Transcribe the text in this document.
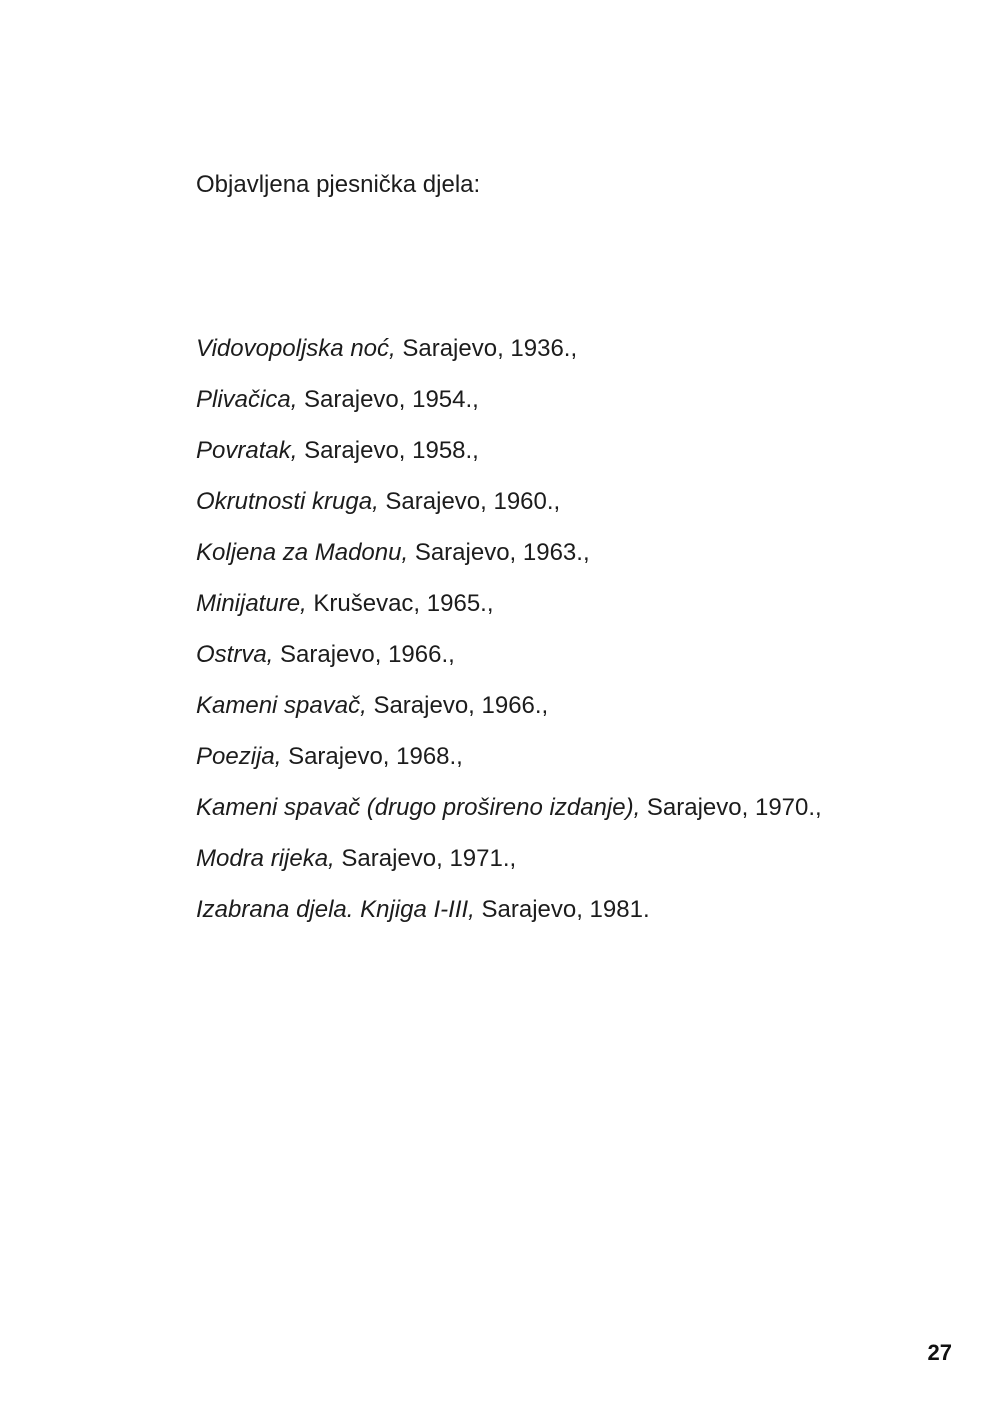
Objavljena pjesnička djela:
Vidovopoljska noć, Sarajevo, 1936.,
Plivačica, Sarajevo, 1954.,
Povratak, Sarajevo, 1958.,
Okrutnosti kruga, Sarajevo, 1960.,
Koljena za Madonu, Sarajevo, 1963.,
Minijature, Kruševac, 1965.,
Ostrva, Sarajevo, 1966.,
Kameni spavač, Sarajevo, 1966.,
Poezija, Sarajevo, 1968.,
Kameni spavač (drugo prošireno izdanje), Sarajevo, 1970.,
Modra rijeka, Sarajevo, 1971.,
Izabrana djela. Knjiga I-III, Sarajevo, 1981.
27
